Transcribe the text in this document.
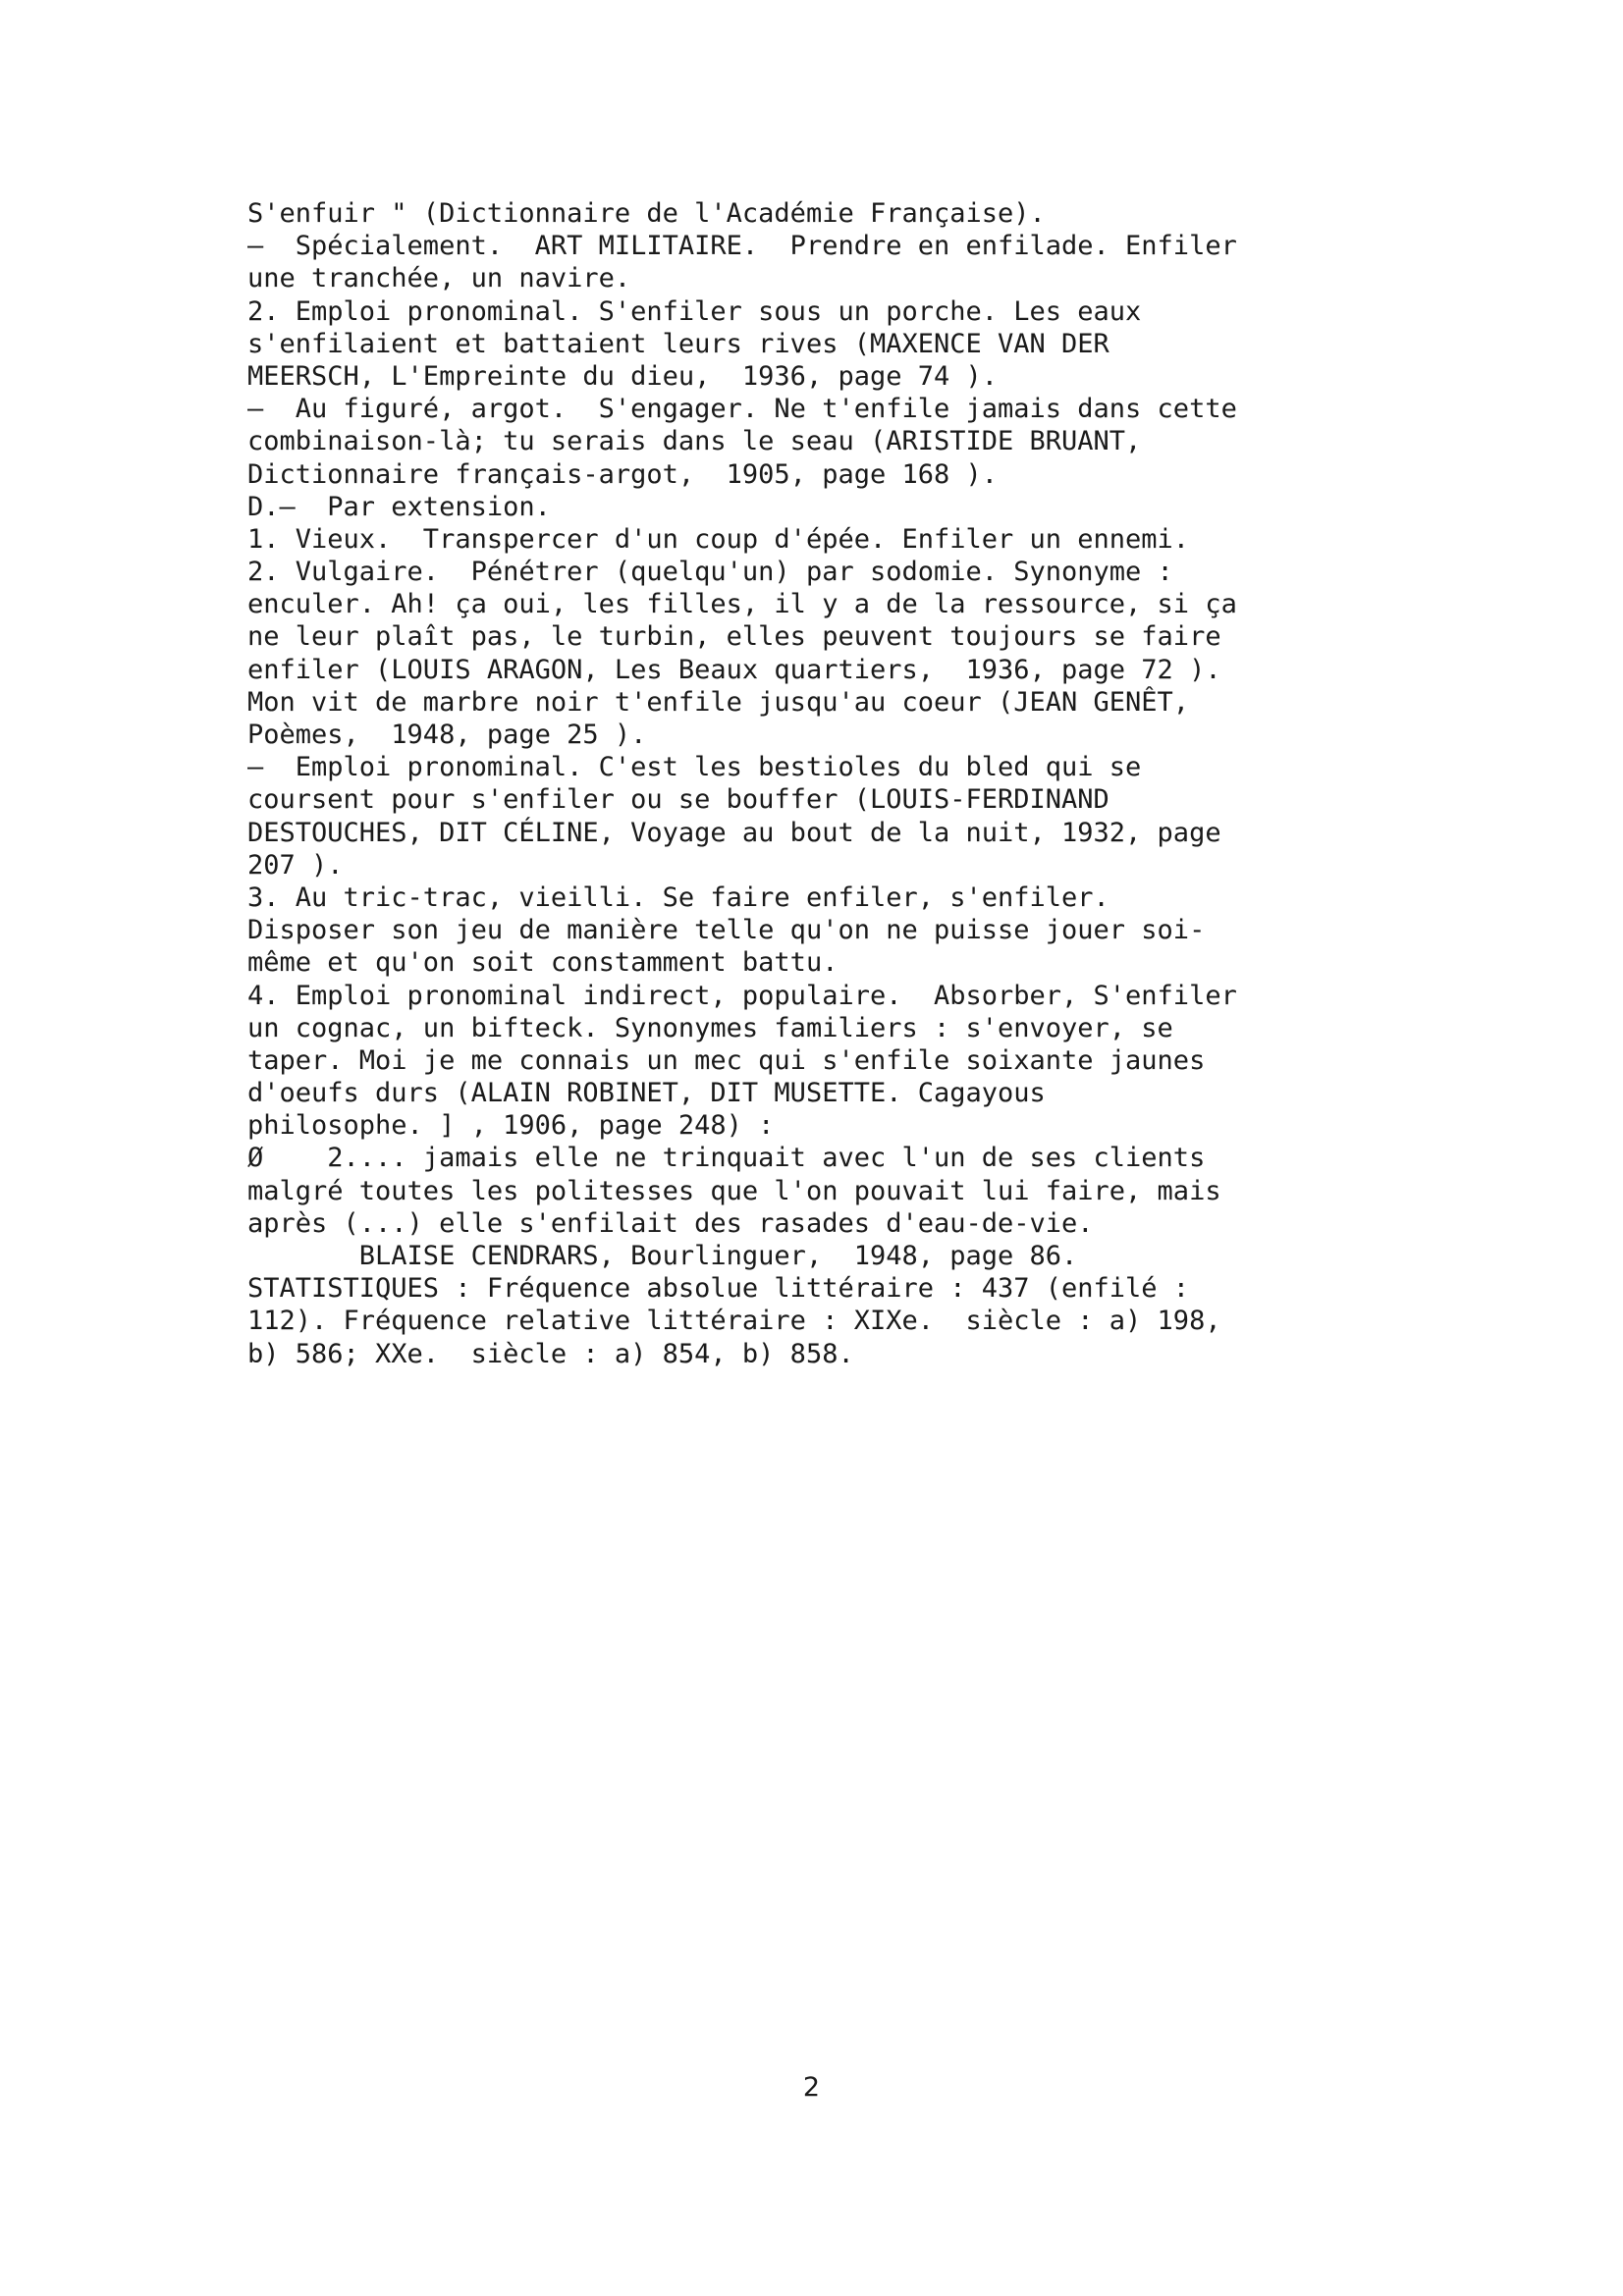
S'enfuir " (Dictionnaire de l'Académie Française).
—  Spécialement.  ART MILITAIRE.  Prendre en enfilade. Enfiler
une tranchée, un navire.
2. Emploi pronominal. S'enfiler sous un porche. Les eaux
s'enfilaient et battaient leurs rives (MAXENCE VAN DER
MEERSCH, L'Empreinte du dieu,  1936, page 74 ).
—  Au figuré, argot.  S'engager. Ne t'enfile jamais dans cette
combinaison-là; tu serais dans le seau (ARISTIDE BRUANT,
Dictionnaire français-argot,  1905, page 168 ).
D.—  Par extension.
1. Vieux.  Transpercer d'un coup d'épée. Enfiler un ennemi.
2. Vulgaire.  Pénétrer (quelqu'un) par sodomie. Synonyme :
enculer. Ah! ça oui, les filles, il y a de la ressource, si ça
ne leur plaît pas, le turbin, elles peuvent toujours se faire
enfiler (LOUIS ARAGON, Les Beaux quartiers,  1936, page 72 ).
Mon vit de marbre noir t'enfile jusqu'au coeur (JEAN GENÊT,
Poèmes,  1948, page 25 ).
—  Emploi pronominal. C'est les bestioles du bled qui se
coursent pour s'enfiler ou se bouffer (LOUIS-FERDINAND
DESTOUCHES, DIT CÉLINE, Voyage au bout de la nuit, 1932, page
207 ).
3. Au tric-trac, vieilli. Se faire enfiler, s'enfiler.
Disposer son jeu de manière telle qu'on ne puisse jouer soi-
même et qu'on soit constamment battu.
4. Emploi pronominal indirect, populaire.  Absorber, S'enfiler
un cognac, un bifteck. Synonymes familiers : s'envoyer, se
taper. Moi je me connais un mec qui s'enfile soixante jaunes
d'oeufs durs (ALAIN ROBINET, DIT MUSETTE. Cagayous
philosophe. ] , 1906, page 248) :
Ø    2.... jamais elle ne trinquait avec l'un de ses clients
malgré toutes les politesses que l'on pouvait lui faire, mais
après (...) elle s'enfilait des rasades d'eau-de-vie.
BLAISE CENDRARS, Bourlinguer,  1948, page 86.
STATISTIQUES : Fréquence absolue littéraire : 437 (enfilé :
112). Fréquence relative littéraire : XIXe.  siècle : a) 198,
b) 586; XXe.  siècle : a) 854, b) 858.
2
